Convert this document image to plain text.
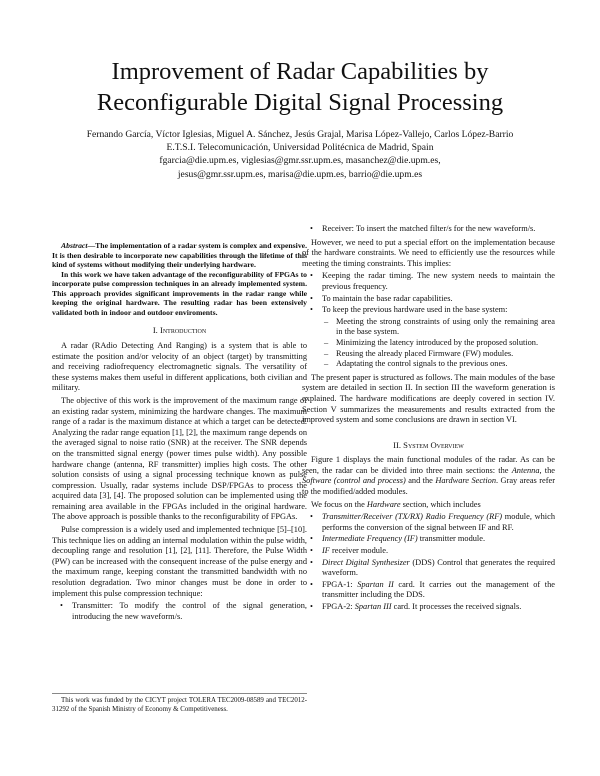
Improvement of Radar Capabilities by
Reconfigurable Digital Signal Processing
Fernando García, Víctor Iglesias, Miguel A. Sánchez, Jesús Grajal, Marisa López-Vallejo, Carlos López-Barrio
E.T.S.I. Telecomunicación, Universidad Politécnica de Madrid, Spain
fgarcia@die.upm.es, viglesias@gmr.ssr.upm.es, masanchez@die.upm.es,
jesus@gmr.ssr.upm.es, marisa@die.upm.es, barrio@die.upm.es

Abstract—The implementation of a radar system is complex and expensive. It is then desirable to incorporate new capabilities through the lifetime of this kind of systems without modifying their underlying hardware.

In this work we have taken advantage of the reconfigurability of FPGAs to incorporate pulse compression techniques in an already implemented system. This approach provides significant improvements in the radar range while keeping the original hardware. The resulting radar has been extensively validated both in indoor and outdoor enviroments.

I. Introduction

A radar (RAdio Detecting And Ranging) is a system that is able to estimate the position and/or velocity of an object (target) by transmitting and receiving radiofrequency electromagnetic signals. The versatility of these systems makes them useful in different applications, both civilian and military.

The objective of this work is the improvement of the maximum range of an existing radar system, minimizing the hardware changes. The maximum range of a radar is the maximum distance at which a target can be detected. Analyzing the radar range equation [1], [2], the maximum range depends on the averaged signal to noise ratio (SNR) at the receiver. The SNR depends on the transmitted signal energy (power times pulse width). Any possible hardware change (antenna, RF transmitter) implies high costs. The other solution consists of using a signal processing technique known as pulse compression. Usually, radar systems include DSP/FPGAs to process the acquired data [3], [4]. The proposed solution can be implemented using the remaining area available in the FPGAs included in the original hardware. The above approach is possible thanks to the reconfigurability of FPGAs.

Pulse compression is a widely used and implemented technique [5]–[10]. This technique lies on adding an internal modulation within the pulse width, decoupling range and resolution [1], [2], [11]. Therefore, the Pulse Width (PW) can be increased with the consequent increase of the pulse energy and the maximum range, keeping constant the transmitted bandwidth with no resolution degradation. Two minor changes must be done in order to implement this pulse compression technique:

• Transmitter: To modify the control of the signal generation, introducing the new waveform/s.
This work was funded by the CICYT project TOLERA TEC2009-08589 and TEC2012-31292 of the Spanish Ministry of Economy & Competitiveness.
• Receiver: To insert the matched filter/s for the new waveform/s.

However, we need to put a special effort on the implementation because of the hardware constraints. We need to efficiently use the resources while meeting the timing constraints. This implies:

• Keeping the radar timing. The new system needs to maintain the previous frequency.
• To maintain the base radar capabilities.
• To keep the previous hardware used in the base system:
– Meeting the strong constraints of using only the remaining area in the base system.
– Minimizing the latency introduced by the proposed solution.
– Reusing the already placed Firmware (FW) modules.
– Adaptating the control signals to the previous ones.

The present paper is structured as follows. The main modules of the base system are detailed in section II. In section III the waveform generation is explained. The hardware modifications are deeply covered in section IV. Section V summarizes the measurements and results extracted from the improved system and some conclusions are drawn in section VI.

II. System Overview

Figure 1 displays the main functional modules of the radar. As can be seen, the radar can be divided into three main sections: the Antenna, the Software (control and process) and the Hardware Section. Gray areas refer to the modified/added modules.

We focus on the Hardware section, which includes

• Transmitter/Receiver (TX/RX) Radio Frequency (RF) module, which performs the conversion of the signal between IF and RF.
• Intermediate Frequency (IF) transmitter module.
• IF receiver module.
• Direct Digital Synthesizer (DDS) Control that generates the required waveform.
• FPGA-1: Spartan II card. It carries out the management of the transmitter including the DDS.
• FPGA-2: Spartan III card. It processes the received signals.
